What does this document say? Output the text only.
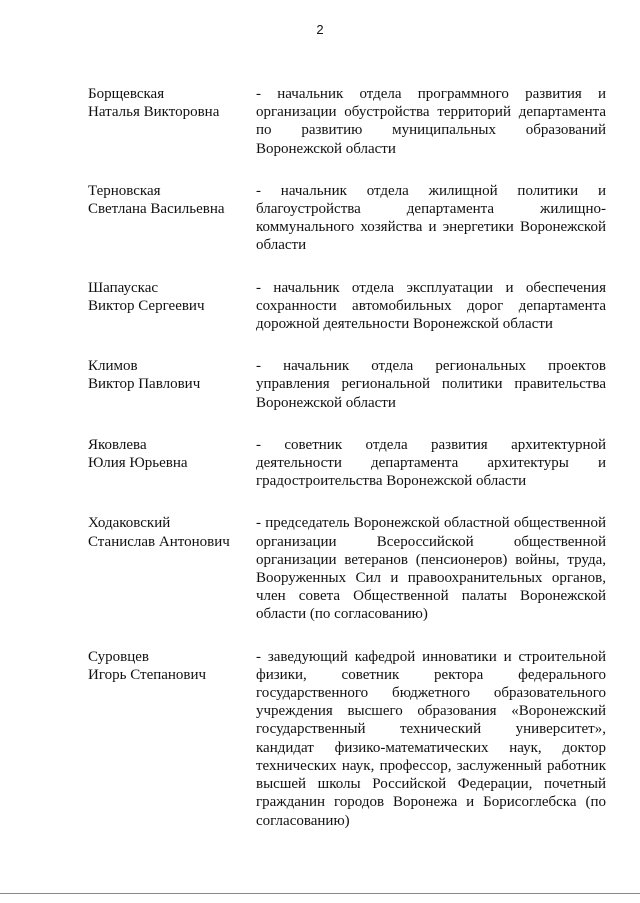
2
Борщевская
Наталья Викторовна
- начальник отдела программного развития и организации обустройства территорий департамента по развитию муниципальных образований Воронежской области
Терновская
Светлана Васильевна
- начальник отдела жилищной политики и благоустройства департамента жилищно-коммунального хозяйства и энергетики Воронежской области
Шапаускас
Виктор Сергеевич
- начальник отдела эксплуатации и обеспечения сохранности автомобильных дорог департамента дорожной деятельности Воронежской области
Климов
Виктор Павлович
- начальник отдела региональных проектов управления региональной политики правительства Воронежской области
Яковлева
Юлия Юрьевна
- советник отдела развития архитектурной деятельности департамента архитектуры и градостроительства Воронежской области
Ходаковский
Станислав Антонович
- председатель Воронежской областной общественной организации Всероссийской общественной организации ветеранов (пенсионеров) войны, труда, Вооруженных Сил и правоохранительных органов, член совета Общественной палаты Воронежской области (по согласованию)
Суровцев
Игорь Степанович
- заведующий кафедрой инноватики и строительной физики, советник ректора федерального государственного бюджетного образовательного учреждения высшего образования «Воронежский государственный технический университет», кандидат физико-математических наук, доктор технических наук, профессор, заслуженный работник высшей школы Российской Федерации, почетный гражданин городов Воронежа и Борисоглебска (по согласованию)
